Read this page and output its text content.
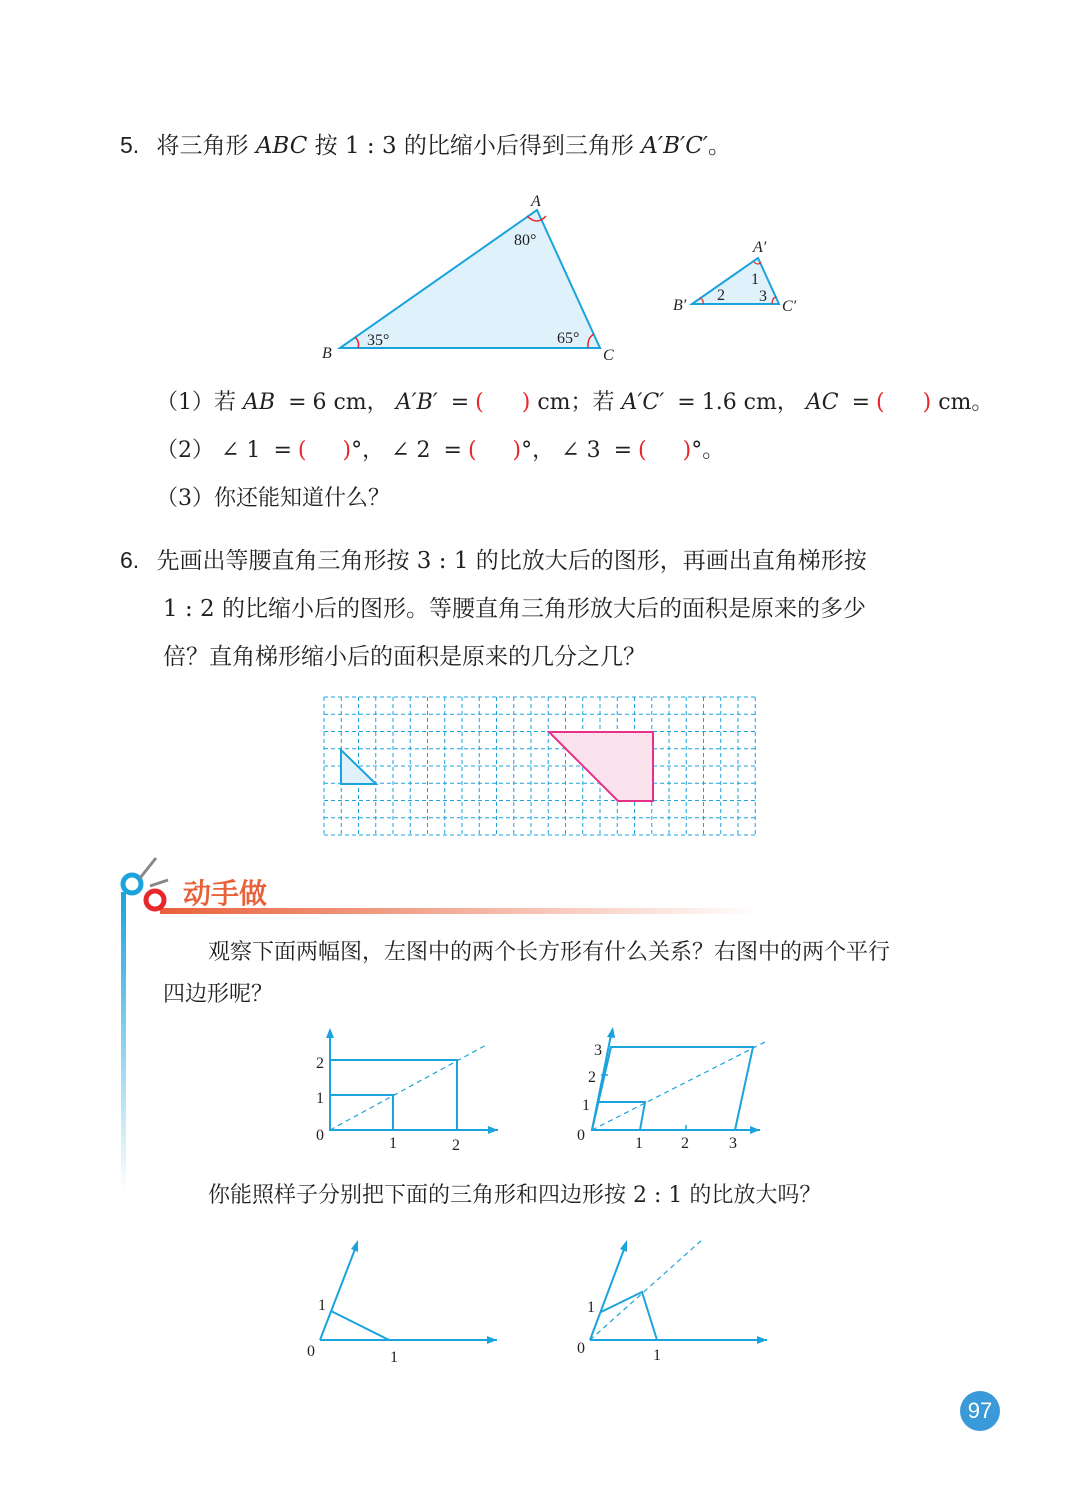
5. 将三角形 ABC 按 1 : 3 的比缩小后得到三角形 A′B′C′。
A
B	C
80°
35°	65°
A′
B′	C′
1
2 3
（1）若 AB = 6 cm， A′B′ = ( ) cm；若 A′C′ = 1.6 cm， AC = ( ) cm。
（2） ∠ 1 = ( )°， ∠ 2 = ( )°， ∠ 3 = ( )°。
（3）你还能知道什么？
6. 先画出等腰直角三角形按 3 : 1 的比放大后的图形，再画出直角梯形按
1 : 2 的比缩小后的图形。等腰直角三角形放大后的面积是原来的多少
倍？直角梯形缩小后的面积是原来的几分之几？
动手做
观察下面两幅图，左图中的两个长方形有什么关系？右图中的两个平行
四边形呢？
2
1
0	1	2
3
2
1
0	1 2	3
你能照样子分别把下面的三角形和四边形按 2 : 1 的比放大吗？
1
0	1
1
0	1
97
